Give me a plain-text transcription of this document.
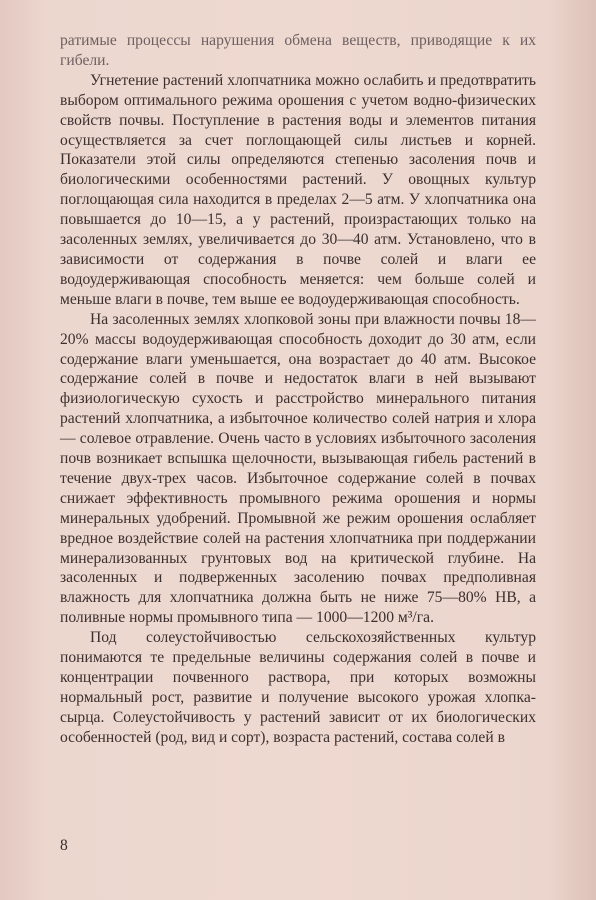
ратимые процессы нарушения обмена веществ, приводящие к их гибели.

Угнетение растений хлопчатника можно ослабить и предотвратить выбором оптимального режима орошения с учетом водно-физических свойств почвы. Поступление в растения воды и элементов питания осуществляется за счет поглощающей силы листьев и корней. Показатели этой силы определяются степенью засоления почв и биологическими особенностями растений. У овощных культур поглощающая сила находится в пределах 2—5 атм. У хлопчатника она повышается до 10—15, а у растений, произрастающих только на засоленных землях, увеличивается до 30—40 атм. Установлено, что в зависимости от содержания в почве солей и влаги ее водоудерживающая способность меняется: чем больше солей и меньше влаги в почве, тем выше ее водоудерживающая способность.

На засоленных землях хлопковой зоны при влажности почвы 18—20% массы водоудерживающая способность доходит до 30 атм, если содержание влаги уменьшается, она возрастает до 40 атм. Высокое содержание солей в почве и недостаток влаги в ней вызывают физиологическую сухость и расстройство минерального питания растений хлопчатника, а избыточное количество солей натрия и хлора — солевое отравление. Очень часто в условиях избыточного засоления почв возникает вспышка щелочности, вызывающая гибель растений в течение двух-трех часов. Избыточное содержание солей в почвах снижает эффективность промывного режима орошения и нормы минеральных удобрений. Промывной же режим орошения ослабляет вредное воздействие солей на растения хлопчатника при поддержании минерализованных грунтовых вод на критической глубине. На засоленных и подверженных засолению почвах предполивная влажность для хлопчатника должна быть не ниже 75—80% HB, а поливные нормы промывного типа — 1000—1200 м³/га.

Под солеустойчивостью сельскохозяйственных культур понимаются те предельные величины содержания солей в почве и концентрации почвенного раствора, при которых возможны нормальный рост, развитие и получение высокого урожая хлопка-сырца. Солеустойчивость у растений зависит от их биологических особенностей (род, вид и сорт), возраста растений, состава солей в

8
